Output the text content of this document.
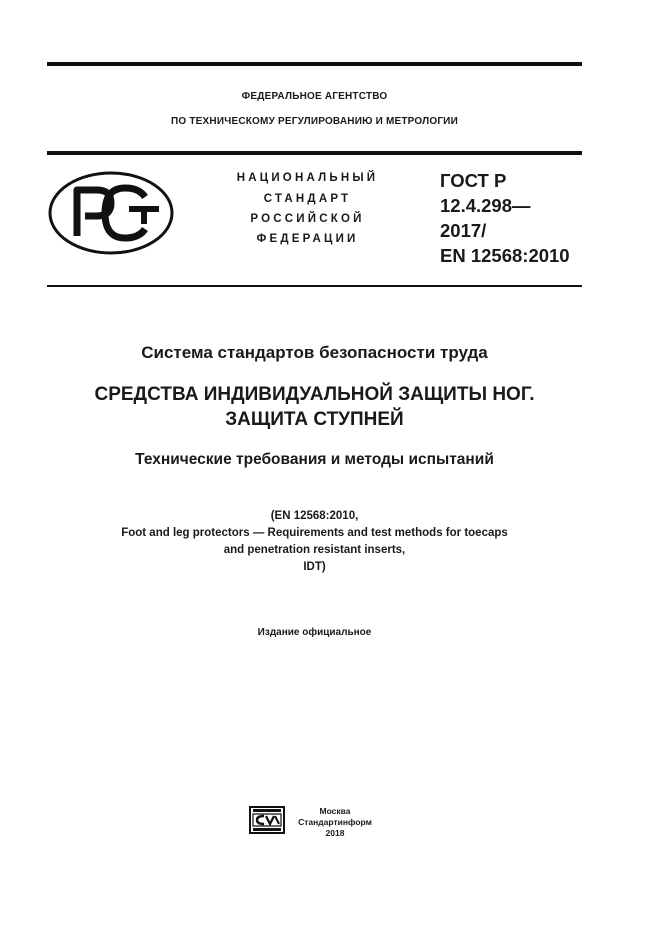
ФЕДЕРАЛЬНОЕ АГЕНТСТВО
ПО ТЕХНИЧЕСКОМУ РЕГУЛИРОВАНИЮ И МЕТРОЛОГИИ
НАЦИОНАЛЬНЫЙ
СТАНДАРТ
РОССИЙСКОЙ
ФЕДЕРАЦИИ
ГОСТ Р
12.4.298—
2017/
EN 12568:2010
Система стандартов безопасности труда
СРЕДСТВА ИНДИВИДУАЛЬНОЙ ЗАЩИТЫ НОГ.
ЗАЩИТА СТУПНЕЙ
Технические требования и методы испытаний
(EN 12568:2010,
Foot and leg protectors — Requirements and test methods for toecaps
and penetration resistant inserts,
IDT)
Издание официальное
Москва
Стандартинформ
2018
